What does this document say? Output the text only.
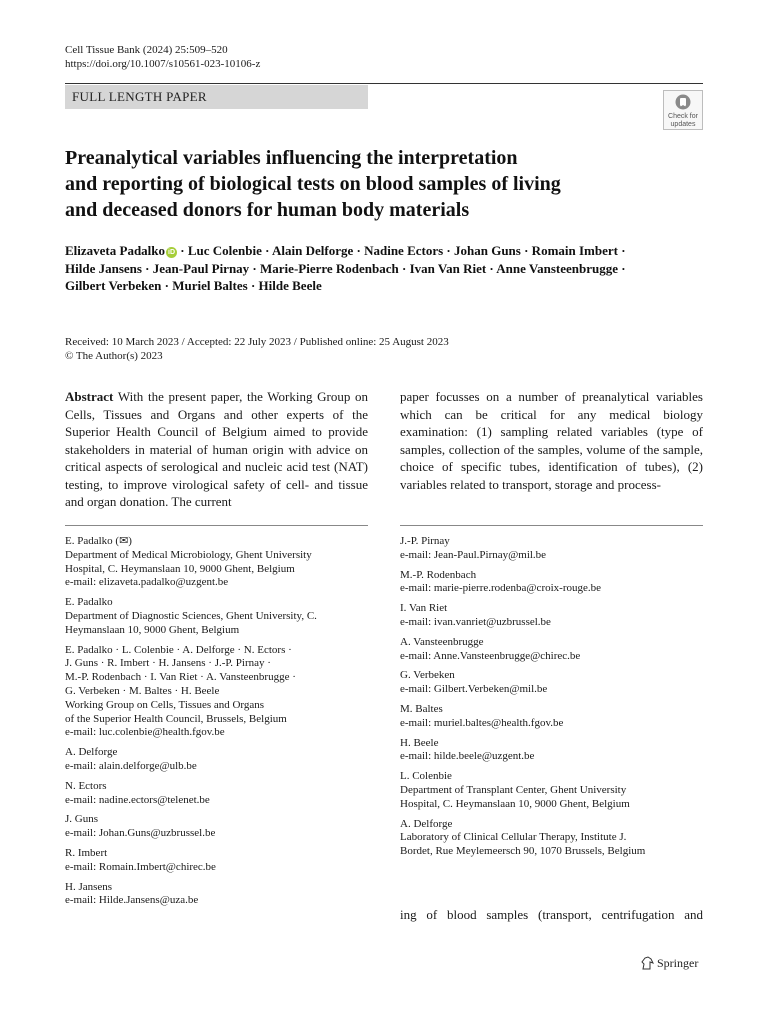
Cell Tissue Bank (2024) 25:509–520
https://doi.org/10.1007/s10561-023-10106-z
FULL LENGTH PAPER
Check for
updates
Preanalytical variables influencing the interpretation
and reporting of biological tests on blood samples of living
and deceased donors for human body materials
Elizaveta Padalko iD · Luc Colenbie · Alain Delforge · Nadine Ectors · Johan Guns · Romain Imbert ·
Hilde Jansens · Jean-Paul Pirnay · Marie-Pierre Rodenbach · Ivan Van Riet · Anne Vansteenbrugge ·
Gilbert Verbeken · Muriel Baltes · Hilde Beele
Received: 10 March 2023 / Accepted: 22 July 2023 / Published online: 25 August 2023
© The Author(s) 2023
Abstract With the present paper, the Working Group on Cells, Tissues and Organs and other experts of the Superior Health Council of Belgium aimed to provide stakeholders in material of human origin with advice on critical aspects of serological and nucleic acid test (NAT) testing, to improve virological safety of cell- and tissue and organ donation. The current
paper focusses on a number of preanalytical variables which can be critical for any medical biology examination: (1) sampling related variables (type of samples, collection of the samples, volume of the sample, choice of specific tubes, identification of tubes), (2) variables related to transport, storage and process-
E. Padalko (✉)
Department of Medical Microbiology, Ghent University
Hospital, C. Heymanslaan 10, 9000 Ghent, Belgium
e-mail: elizaveta.padalko@uzgent.be
E. Padalko
Department of Diagnostic Sciences, Ghent University, C.
Heymanslaan 10, 9000 Ghent, Belgium
E. Padalko · L. Colenbie · A. Delforge · N. Ectors ·
J. Guns · R. Imbert · H. Jansens · J.-P. Pirnay ·
M.-P. Rodenbach · I. Van Riet · A. Vansteenbrugge ·
G. Verbeken · M. Baltes · H. Beele
Working Group on Cells, Tissues and Organs
of the Superior Health Council, Brussels, Belgium
e-mail: luc.colenbie@health.fgov.be
A. Delforge
e-mail: alain.delforge@ulb.be
N. Ectors
e-mail: nadine.ectors@telenet.be
J. Guns
e-mail: Johan.Guns@uzbrussel.be
R. Imbert
e-mail: Romain.Imbert@chirec.be
H. Jansens
e-mail: Hilde.Jansens@uza.be
J.-P. Pirnay
e-mail: Jean-Paul.Pirnay@mil.be
M.-P. Rodenbach
e-mail: marie-pierre.rodenba@croix-rouge.be
I. Van Riet
e-mail: ivan.vanriet@uzbrussel.be
A. Vansteenbrugge
e-mail: Anne.Vansteenbrugge@chirec.be
G. Verbeken
e-mail: Gilbert.Verbeken@mil.be
M. Baltes
e-mail: muriel.baltes@health.fgov.be
H. Beele
e-mail: hilde.beele@uzgent.be
L. Colenbie
Department of Transplant Center, Ghent University
Hospital, C. Heymanslaan 10, 9000 Ghent, Belgium
A. Delforge
Laboratory of Clinical Cellular Therapy, Institute J.
Bordet, Rue Meylemeersch 90, 1070 Brussels, Belgium
ing of blood samples (transport, centrifugation and
Springer
